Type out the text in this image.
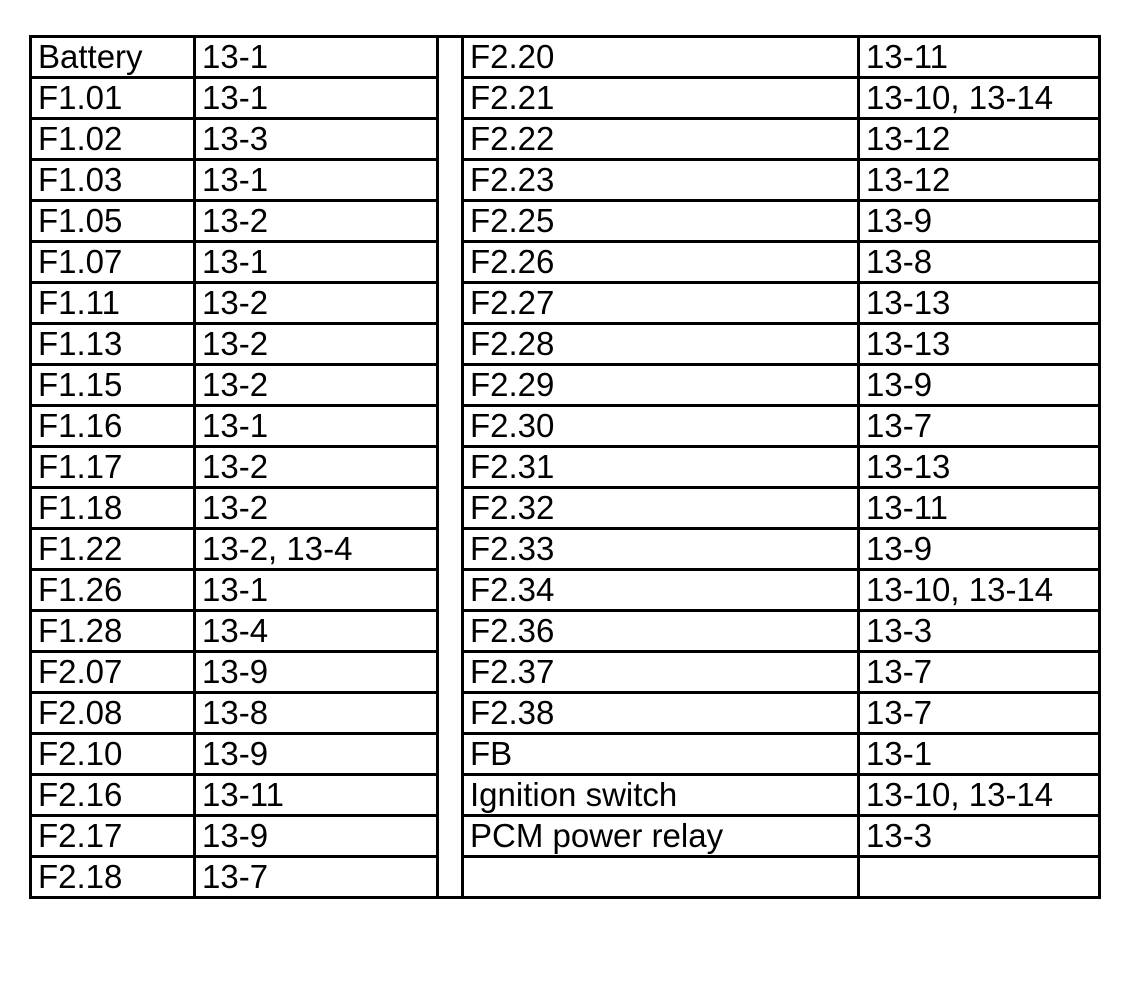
Battery	13-1		F2.20	13-11
F1.01	13-1		F2.21	13-10, 13-14
F1.02	13-3		F2.22	13-12
F1.03	13-1		F2.23	13-12
F1.05	13-2		F2.25	13-9
F1.07	13-1		F2.26	13-8
F1.11	13-2		F2.27	13-13
F1.13	13-2		F2.28	13-13
F1.15	13-2		F2.29	13-9
F1.16	13-1		F2.30	13-7
F1.17	13-2		F2.31	13-13
F1.18	13-2		F2.32	13-11
F1.22	13-2, 13-4		F2.33	13-9
F1.26	13-1		F2.34	13-10, 13-14
F1.28	13-4		F2.36	13-3
F2.07	13-9		F2.37	13-7
F2.08	13-8		F2.38	13-7
F2.10	13-9		FB	13-1
F2.16	13-11		Ignition switch	13-10, 13-14
F2.17	13-9		PCM power relay	13-3
F2.18	13-7			
